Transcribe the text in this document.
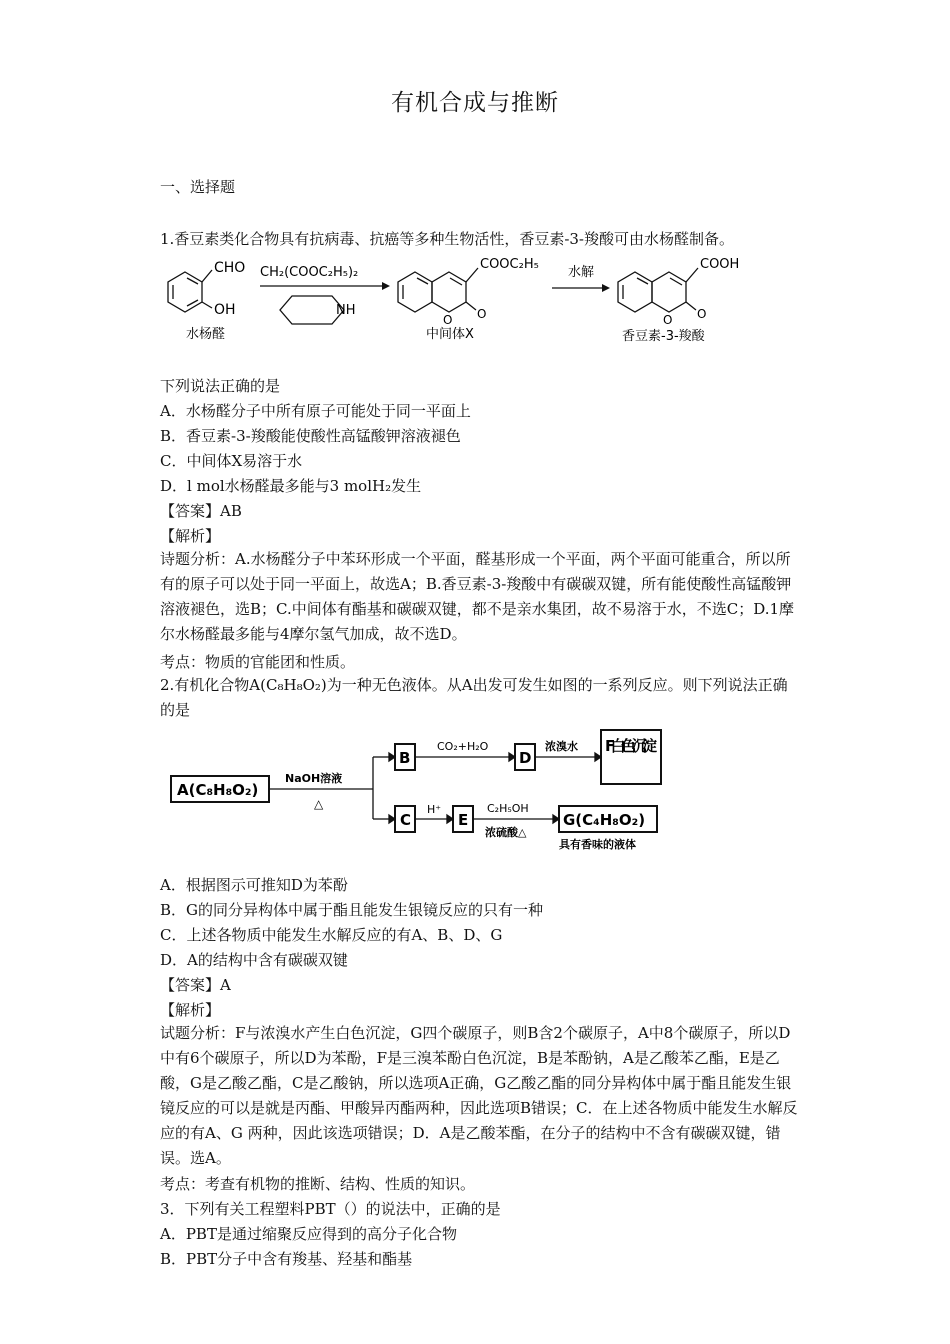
有机合成与推断
一、选择题
1.香豆素类化合物具有抗病毒、抗癌等多种生物活性，香豆素-3-羧酸可由水杨醛制备。
CHO
OH
水杨醛
CH₂(COOC₂H₅)₂
NH
COOC₂H₅
O O
中间体X
水解
COOH
O O
香豆素-3-羧酸
下列说法正确的是
A．水杨醛分子中所有原子可能处于同一平面上
B．香豆素-3-羧酸能使酸性高锰酸钾溶液褪色
C．中间体X易溶于水
D．l mol水杨醛最多能与3 molH₂发生
【答案】AB
【解析】
诗题分析：A.水杨醛分子中苯环形成一个平面，醛基形成一个平面，两个平面可能重合，所以所有的原子可以处于同一平面上，故选A；B.香豆素-3-羧酸中有碳碳双键，所有能使酸性高锰酸钾溶液褪色，选B；C.中间体有酯基和碳碳双键，都不是亲水集团，故不易溶于水，不选C；D.1摩尔水杨醛最多能与4摩尔氢气加成，故不选D。
考点：物质的官能团和性质。
2.有机化合物A(C₈H₈O₂)为一种无色液体。从A出发可发生如图的一系列反应。则下列说法正确的是
A(C₈H₈O₂)
NaOH溶液
△
B
CO₂+H₂O
D
浓溴水 F白色沉淀
C
H⁺
E
C₂H₅OH
浓硫酸△
G(C₄H₈O₂)
具有香味的液体
A．根据图示可推知D为苯酚
B．G的同分异构体中属于酯且能发生银镜反应的只有一种
C．上述各物质中能发生水解反应的有A、B、D、G
D．A的结构中含有碳碳双键
【答案】A
【解析】
试题分析：F与浓溴水产生白色沉淀，G四个碳原子，则B含2个碳原子，A中8个碳原子，所以D中有6个碳原子，所以D为苯酚，F是三溴苯酚白色沉淀，B是苯酚钠，A是乙酸苯乙酯，E是乙酸，G是乙酸乙酯，C是乙酸钠，所以选项A正确，G乙酸乙酯的同分异构体中属于酯且能发生银镜反应的可以是就是丙酯、甲酸异丙酯两种，因此选项B错误；C．在上述各物质中能发生水解反应的有A、G 两种，因此该选项错误；D．A是乙酸苯酯，在分子的结构中不含有碳碳双键，错误。选A。
考点：考查有机物的推断、结构、性质的知识。
3．下列有关工程塑料PBT（）的说法中，正确的是
A．PBT是通过缩聚反应得到的高分子化合物
B．PBT分子中含有羧基、羟基和酯基
